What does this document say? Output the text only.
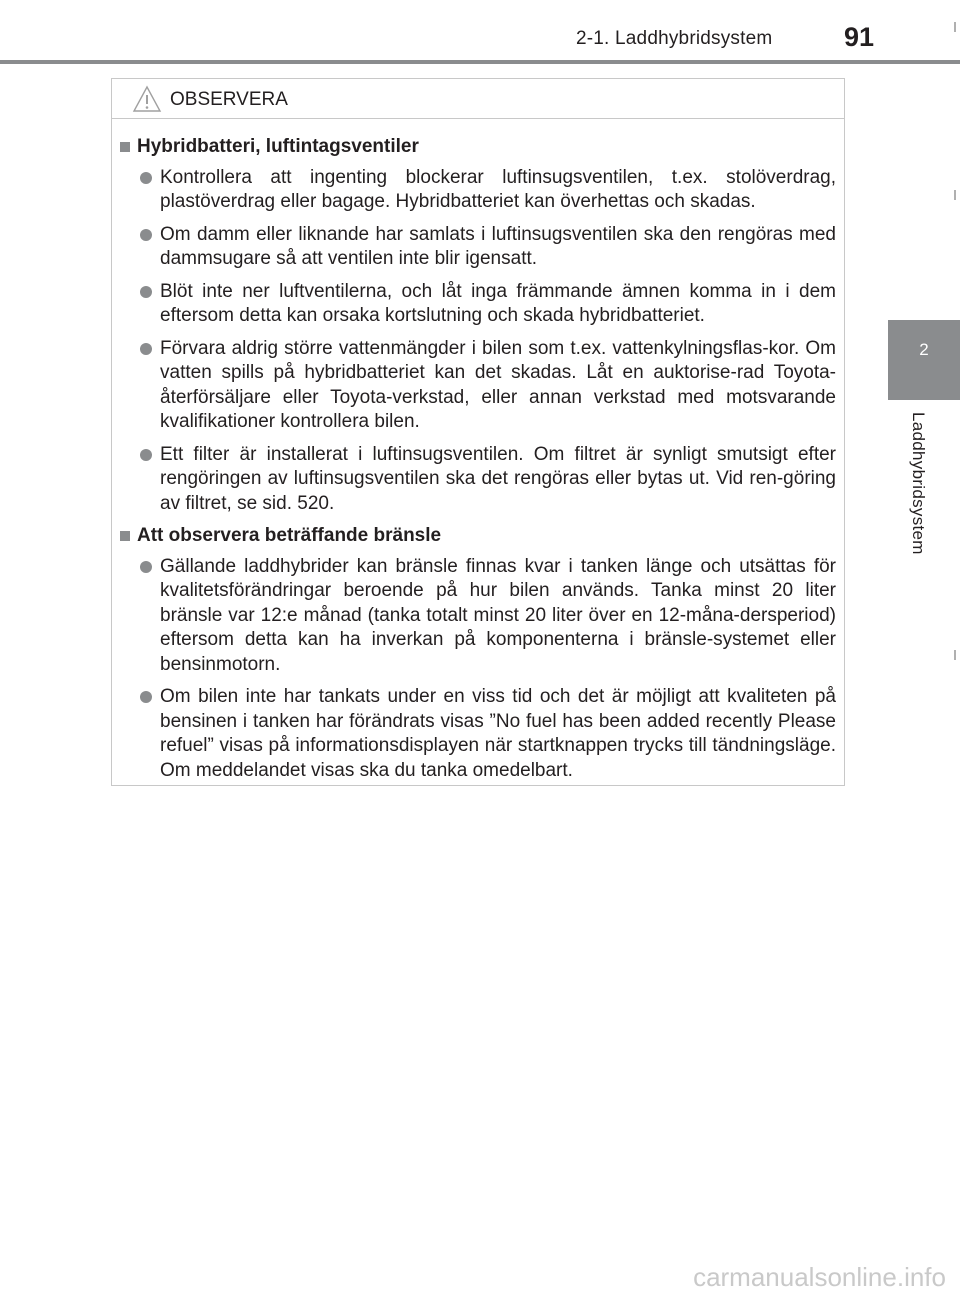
2-1. Laddhybridsystem	91
2
Laddhybridsystem
OBSERVERA
Hybridbatteri, luftintagsventiler
Kontrollera att ingenting blockerar luftinsugsventilen, t.ex. stolöverdrag, plastöverdrag eller bagage. Hybridbatteriet kan överhettas och skadas.
Om damm eller liknande har samlats i luftinsugsventilen ska den rengöras med dammsugare så att ventilen inte blir igensatt.
Blöt inte ner luftventilerna, och låt inga främmande ämnen komma in i dem eftersom detta kan orsaka kortslutning och skada hybridbatteriet.
Förvara aldrig större vattenmängder i bilen som t.ex. vattenkylningsflas-kor. Om vatten spills på hybridbatteriet kan det skadas. Låt en auktorise-rad Toyota-återförsäljare eller Toyota-verkstad, eller annan verkstad med motsvarande kvalifikationer kontrollera bilen.
Ett filter är installerat i luftinsugsventilen. Om filtret är synligt smutsigt efter rengöringen av luftinsugsventilen ska det rengöras eller bytas ut. Vid ren-göring av filtret, se sid. 520.
Att observera beträffande bränsle
Gällande laddhybrider kan bränsle finnas kvar i tanken länge och utsättas för kvalitetsförändringar beroende på hur bilen används. Tanka minst 20 liter bränsle var 12:e månad (tanka totalt minst 20 liter över en 12-måna-dersperiod) eftersom detta kan ha inverkan på komponenterna i bränsle-systemet eller bensinmotorn.
Om bilen inte har tankats under en viss tid och det är möjligt att kvaliteten på bensinen i tanken har förändrats visas ”No fuel has been added recently Please refuel” visas på informationsdisplayen när startknappen trycks till tändningsläge. Om meddelandet visas ska du tanka omedelbart.
carmanualsonline.info
